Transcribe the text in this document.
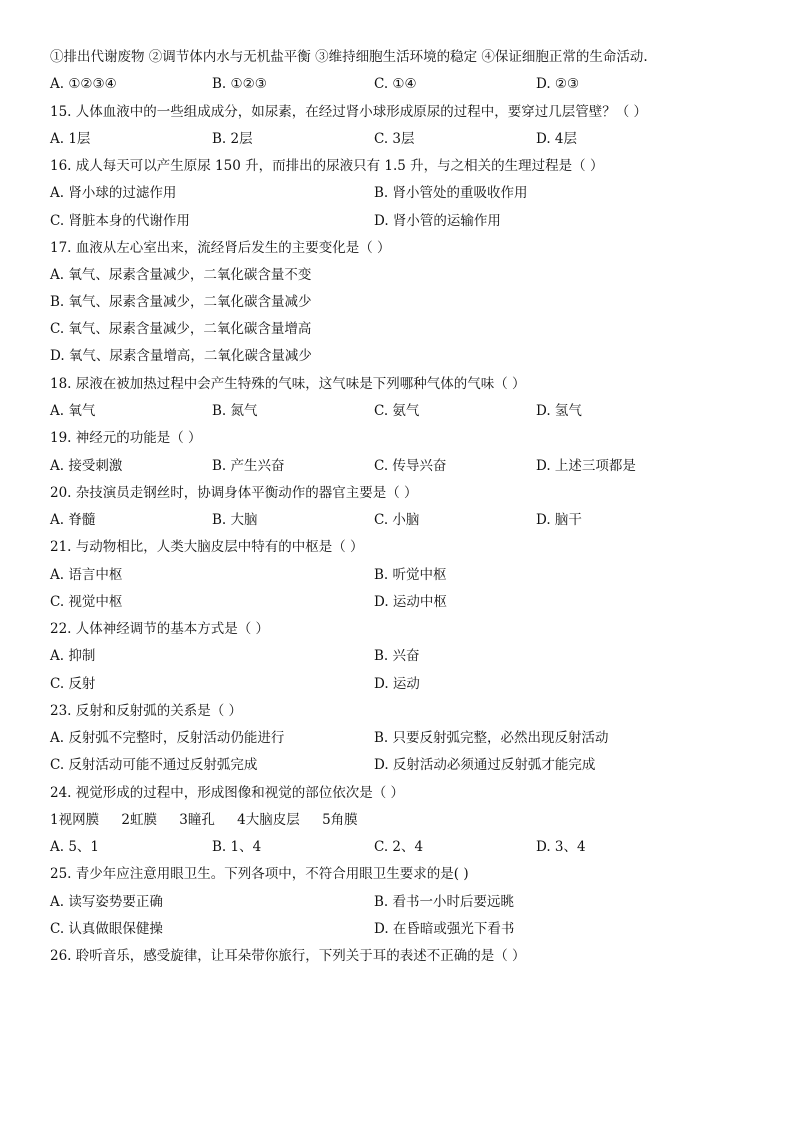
①排出代谢废物 ②调节体内水与无机盐平衡 ③维持细胞生活环境的稳定 ④保证细胞正常的生命活动.
A. ①②③④	B. ①②③	C. ①④	D. ②③
15. 人体血液中的一些组成成分，如尿素，在经过肾小球形成原尿的过程中，要穿过几层管壁？（ ）
A. 1层	B. 2层	C. 3层	D. 4层
16. 成人每天可以产生原尿 150 升，而排出的尿液只有 1.5 升，与之相关的生理过程是（ ）
A. 肾小球的过滤作用	B. 肾小管处的重吸收作用
C. 肾脏本身的代谢作用	D. 肾小管的运输作用
17. 血液从左心室出来，流经肾后发生的主要变化是（ ）
A. 氧气、尿素含量减少，二氧化碳含量不变
B. 氧气、尿素含量减少，二氧化碳含量减少
C. 氧气、尿素含量减少，二氧化碳含量增高
D. 氧气、尿素含量增高，二氧化碳含量减少
18. 尿液在被加热过程中会产生特殊的气味，这气味是下列哪种气体的气味（ ）
A. 氧气	B. 氮气	C. 氨气	D. 氢气
19. 神经元的功能是（ ）
A. 接受刺激	B. 产生兴奋	C. 传导兴奋	D. 上述三项都是
20. 杂技演员走钢丝时，协调身体平衡动作的器官主要是（ ）
A. 脊髓	B. 大脑	C. 小脑	D. 脑干
21. 与动物相比，人类大脑皮层中特有的中枢是（ ）
A. 语言中枢	B. 听觉中枢
C. 视觉中枢	D. 运动中枢
22. 人体神经调节的基本方式是（ ）
A. 抑制	B. 兴奋
C. 反射	D. 运动
23. 反射和反射弧的关系是（ ）
A. 反射弧不完整时，反射活动仍能进行	B. 只要反射弧完整，必然出现反射活动
C. 反射活动可能不通过反射弧完成	D. 反射活动必须通过反射弧才能完成
24. 视觉形成的过程中，形成图像和视觉的部位依次是（ ）
1视网膜 2虹膜 3瞳孔 4大脑皮层 5角膜
A. 5、1	B. 1、4	C. 2、4	D. 3、4
25. 青少年应注意用眼卫生。下列各项中，不符合用眼卫生要求的是( )
A. 读写姿势要正确	B. 看书一小时后要远眺
C. 认真做眼保健操	D. 在昏暗或强光下看书
26. 聆听音乐，感受旋律，让耳朵带你旅行，下列关于耳的表述不正确的是（ ）
